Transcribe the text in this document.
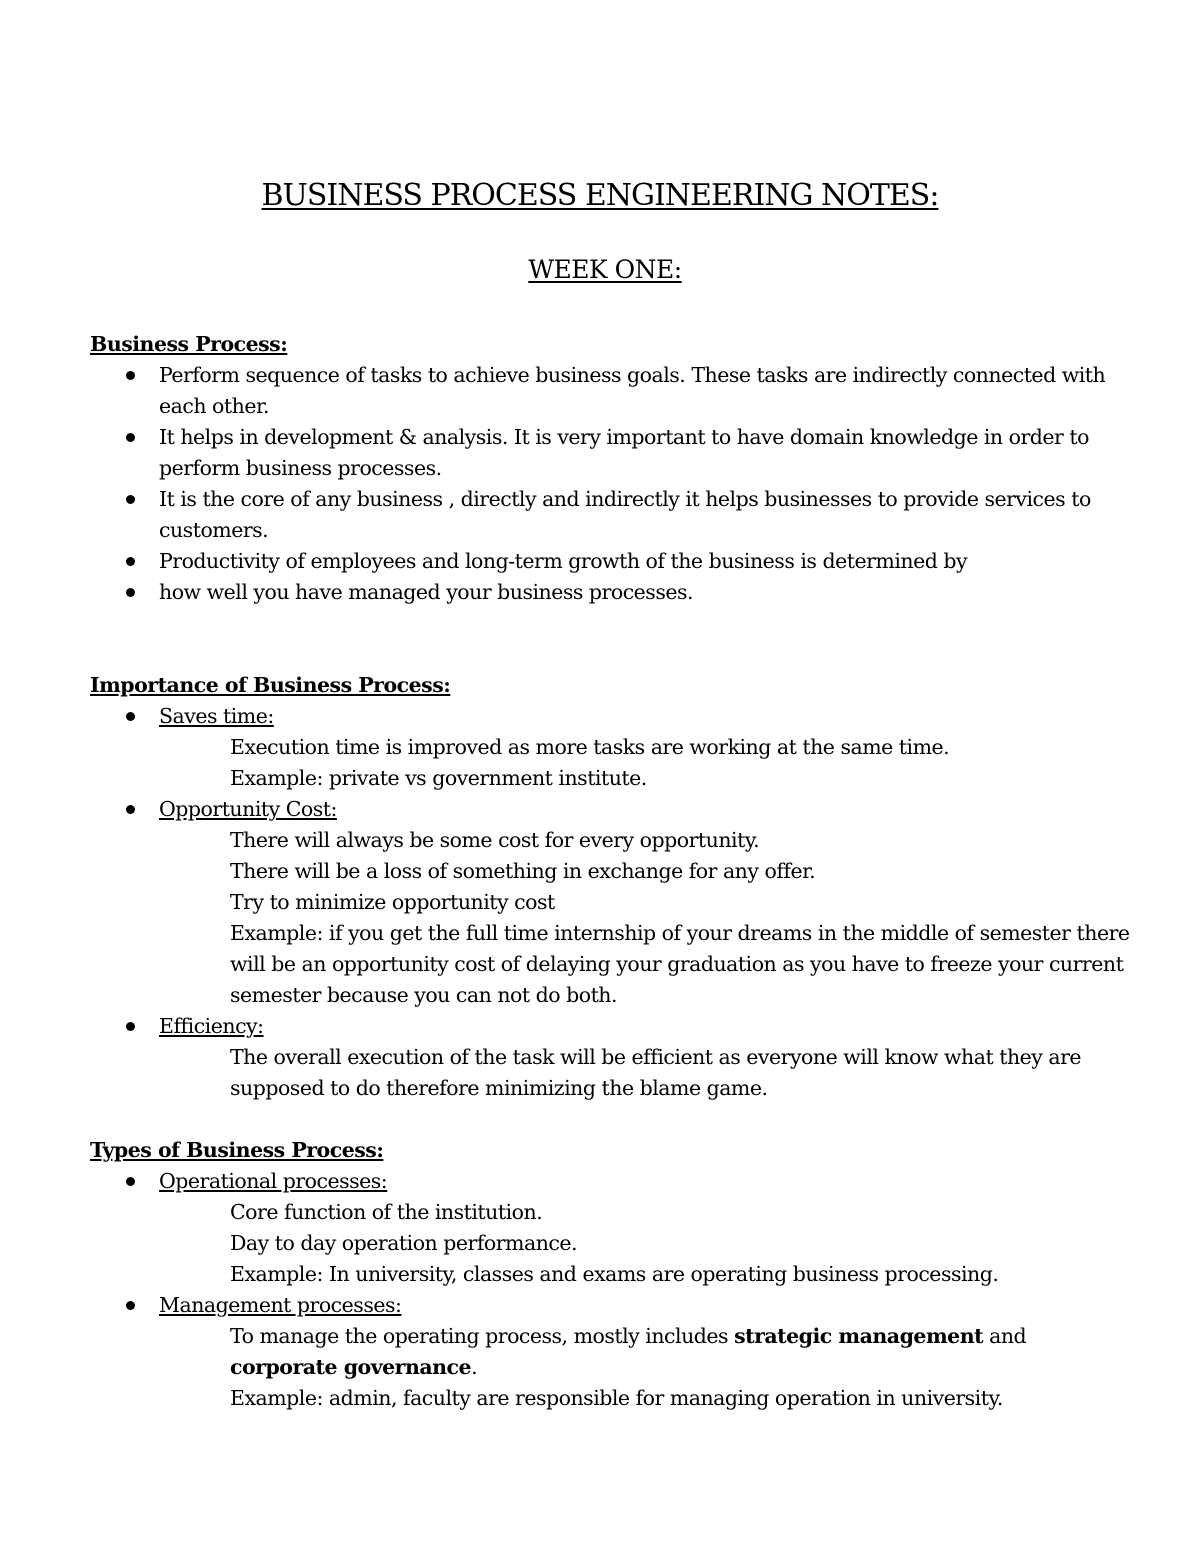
BUSINESS PROCESS ENGINEERING NOTES:
WEEK ONE:

Business Process:

Perform sequence of tasks to achieve business goals. These tasks are indirectly connected with each other.
It helps in development & analysis. It is very important to have domain knowledge in order to perform business processes.
It is the core of any business , directly and indirectly it helps businesses to provide services to customers.
Productivity of employees and long-term growth of the business is determined by
how well you have managed your business processes.

Importance of Business Process:

Saves time:
Execution time is improved as more tasks are working at the same time.
Example: private vs government institute.
Opportunity Cost:
There will always be some cost for every opportunity.
There will be a loss of something in exchange for any offer.
Try to minimize opportunity cost
Example: if you get the full time internship of your dreams in the middle of semester there will be an opportunity cost of delaying your graduation as you have to freeze your current semester because you can not do both.
Efficiency:
The overall execution of the task will be efficient as everyone will know what they are supposed to do therefore minimizing the blame game.

Types of Business Process:

Operational processes:
Core function of the institution.
Day to day operation performance.
Example: In university, classes and exams are operating business processing.
Management processes:
To manage the operating process, mostly includes strategic management and corporate governance.
Example: admin, faculty are responsible for managing operation in university.
